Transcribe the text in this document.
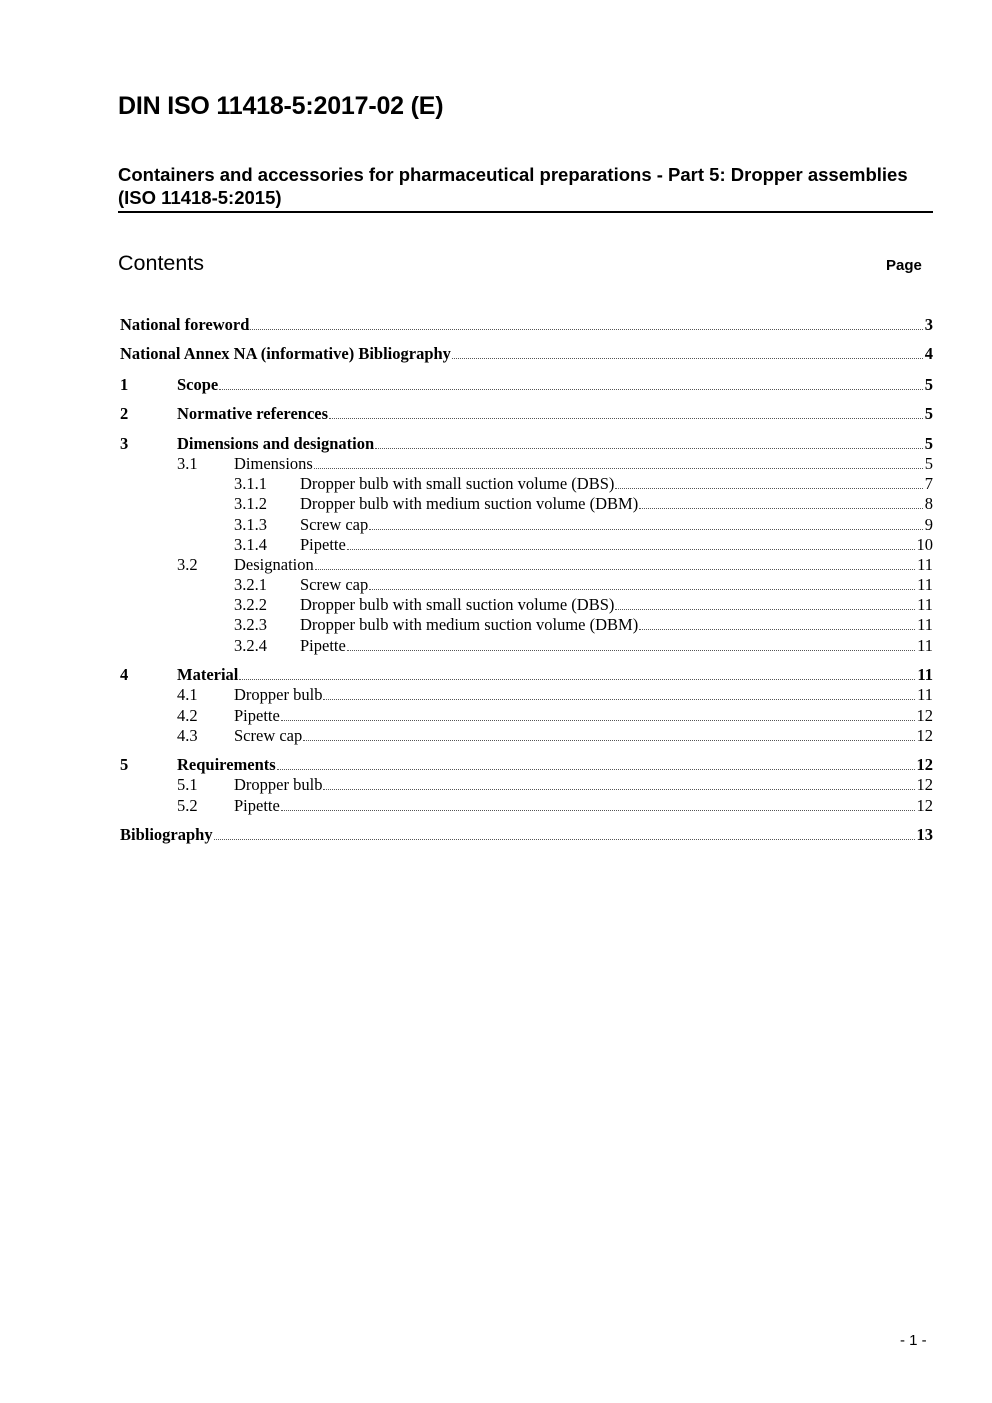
DIN ISO 11418-5:2017-02 (E)
Containers and accessories for pharmaceutical preparations - Part 5: Dropper assemblies (ISO 11418-5:2015)
Contents	Page
National foreword	3
National Annex NA (informative) Bibliography	4
1	Scope	5
2	Normative references	5
3	Dimensions and designation	5
3.1	Dimensions	5
3.1.1	Dropper bulb with small suction volume (DBS)	7
3.1.2	Dropper bulb with medium suction volume (DBM)	8
3.1.3	Screw cap	9
3.1.4	Pipette	10
3.2	Designation	11
3.2.1	Screw cap	11
3.2.2	Dropper bulb with small suction volume (DBS)	11
3.2.3	Dropper bulb with medium suction volume (DBM)	11
3.2.4	Pipette	11
4	Material	11
4.1	Dropper bulb	11
4.2	Pipette	12
4.3	Screw cap	12
5	Requirements	12
5.1	Dropper bulb	12
5.2	Pipette	12
Bibliography	13
- 1 -
